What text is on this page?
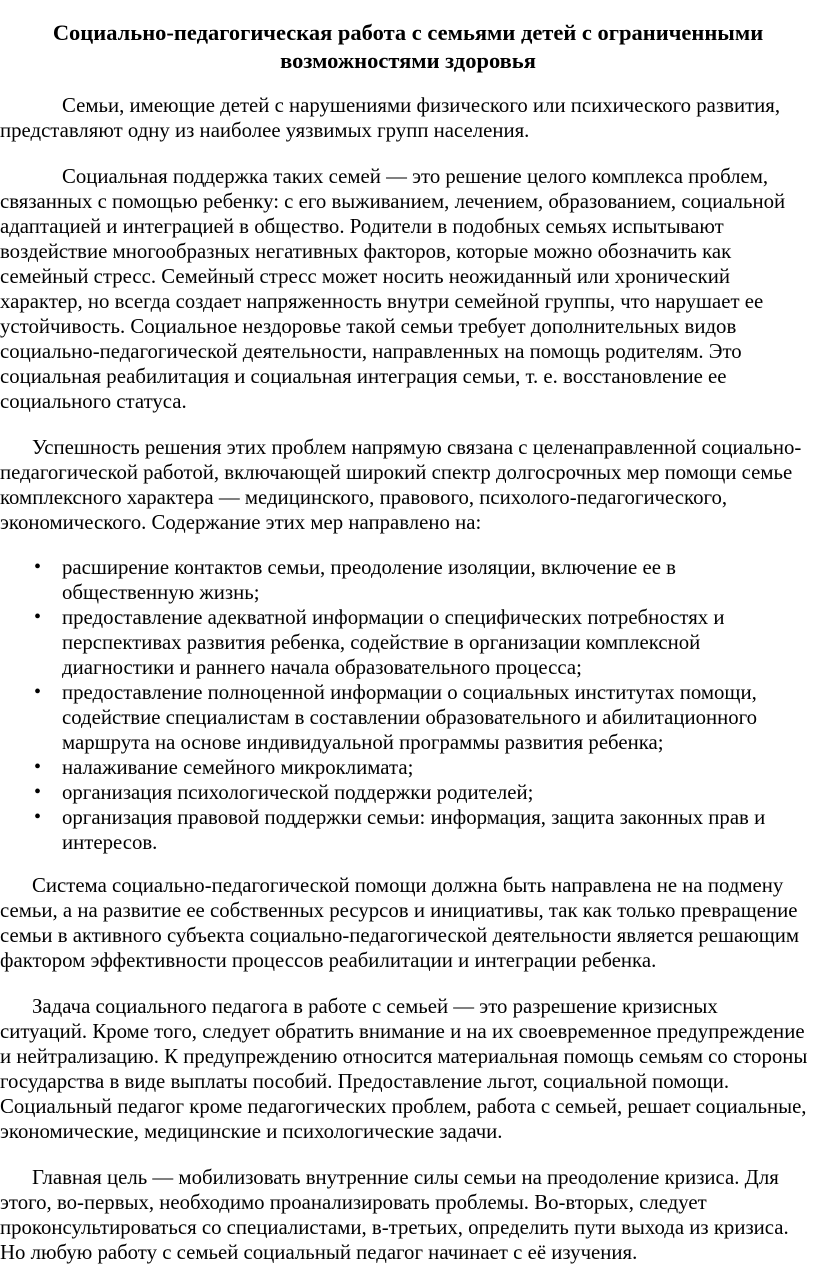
Социально-педагогическая работа с семьями детей с ограниченными
возможностями здоровья

Семьи, имеющие детей с нарушениями физического или психического развития,
представляют одну из наиболее уязвимых групп населения.

Социальная поддержка таких семей — это решение целого комплекса проблем,
связанных с помощью ребенку: с его выживанием, лечением, образованием, социальной
адаптацией и интеграцией в общество. Родители в подобных семьях испытывают
воздействие многообразных негативных факторов, которые можно обозначить как
семейный стресс. Семейный стресс может носить неожиданный или хронический
характер, но всегда создает напряженность внутри семейной группы, что нарушает ее
устойчивость. Социальное нездоровье такой семьи требует дополнительных видов
социально-педагогической деятельности, направленных на помощь родителям. Это
социальная реабилитация и социальная интеграция семьи, т. е. восстановление ее
социального статуса.

Успешность решения этих проблем напрямую связана с целенаправленной социально-
педагогической работой, включающей широкий спектр долгосрочных мер помощи семье
комплексного характера — медицинского, правового, психолого-педагогического,
экономического. Содержание этих мер направлено на:

• расширение контактов семьи, преодоление изоляции, включение ее в
общественную жизнь;
• предоставление адекватной информации о специфических потребностях и
перспективах развития ребенка, содействие в организации комплексной
диагностики и раннего начала образовательного процесса;
• предоставление полноценной информации о социальных институтах помощи,
содействие специалистам в составлении образовательного и абилитационного
маршрута на основе индивидуальной программы развития ребенка;
• налаживание семейного микроклимата;
• организация психологической поддержки родителей;
• организация правовой поддержки семьи: информация, защита законных прав и
интересов.

Система социально-педагогической помощи должна быть направлена не на подмену
семьи, а на развитие ее собственных ресурсов и инициативы, так как только превращение
семьи в активного субъекта социально-педагогической деятельности является решающим
фактором эффективности процессов реабилитации и интеграции ребенка.

Задача социального педагога в работе с семьей — это разрешение кризисных
ситуаций. Кроме того, следует обратить внимание и на их своевременное предупреждение
и нейтрализацию. К предупреждению относится материальная помощь семьям со стороны
государства в виде выплаты пособий. Предоставление льгот, социальной помощи.
Социальный педагог кроме педагогических проблем, работа с семьей, решает социальные,
экономические, медицинские и психологические задачи.

Главная цель — мобилизовать внутренние силы семьи на преодоление кризиса. Для
этого, во-первых, необходимо проанализировать проблемы. Во-вторых, следует
проконсультироваться со специалистами, в-третьих, определить пути выхода из кризиса.
Но любую работу с семьей социальный педагог начинает с её изучения.
